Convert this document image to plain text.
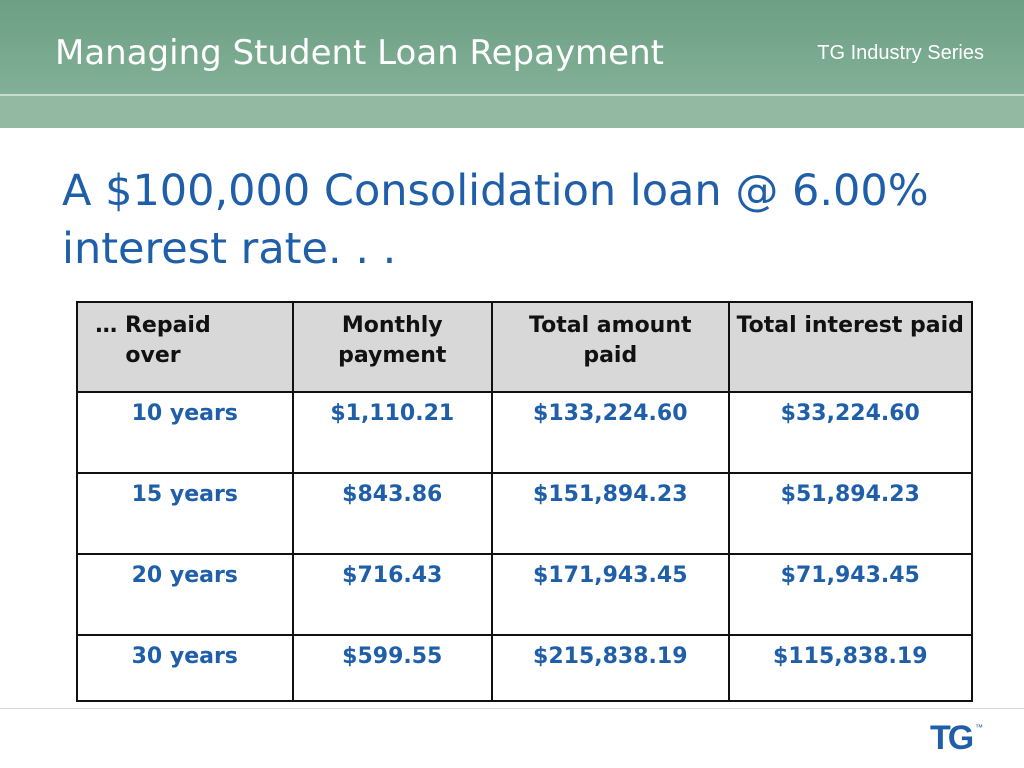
Managing Student Loan Repayment	TG Industry Series
A $100,000 Consolidation loan @ 6.00% interest rate. . .
… Repaid over	Monthly payment	Total amount paid	Total interest paid
10 years	$1,110.21	$133,224.60	$33,224.60
15 years	$843.86	$151,894.23	$51,894.23
20 years	$716.43	$171,943.45	$71,943.45
30 years	$599.55	$215,838.19	$115,838.19
TG ™
